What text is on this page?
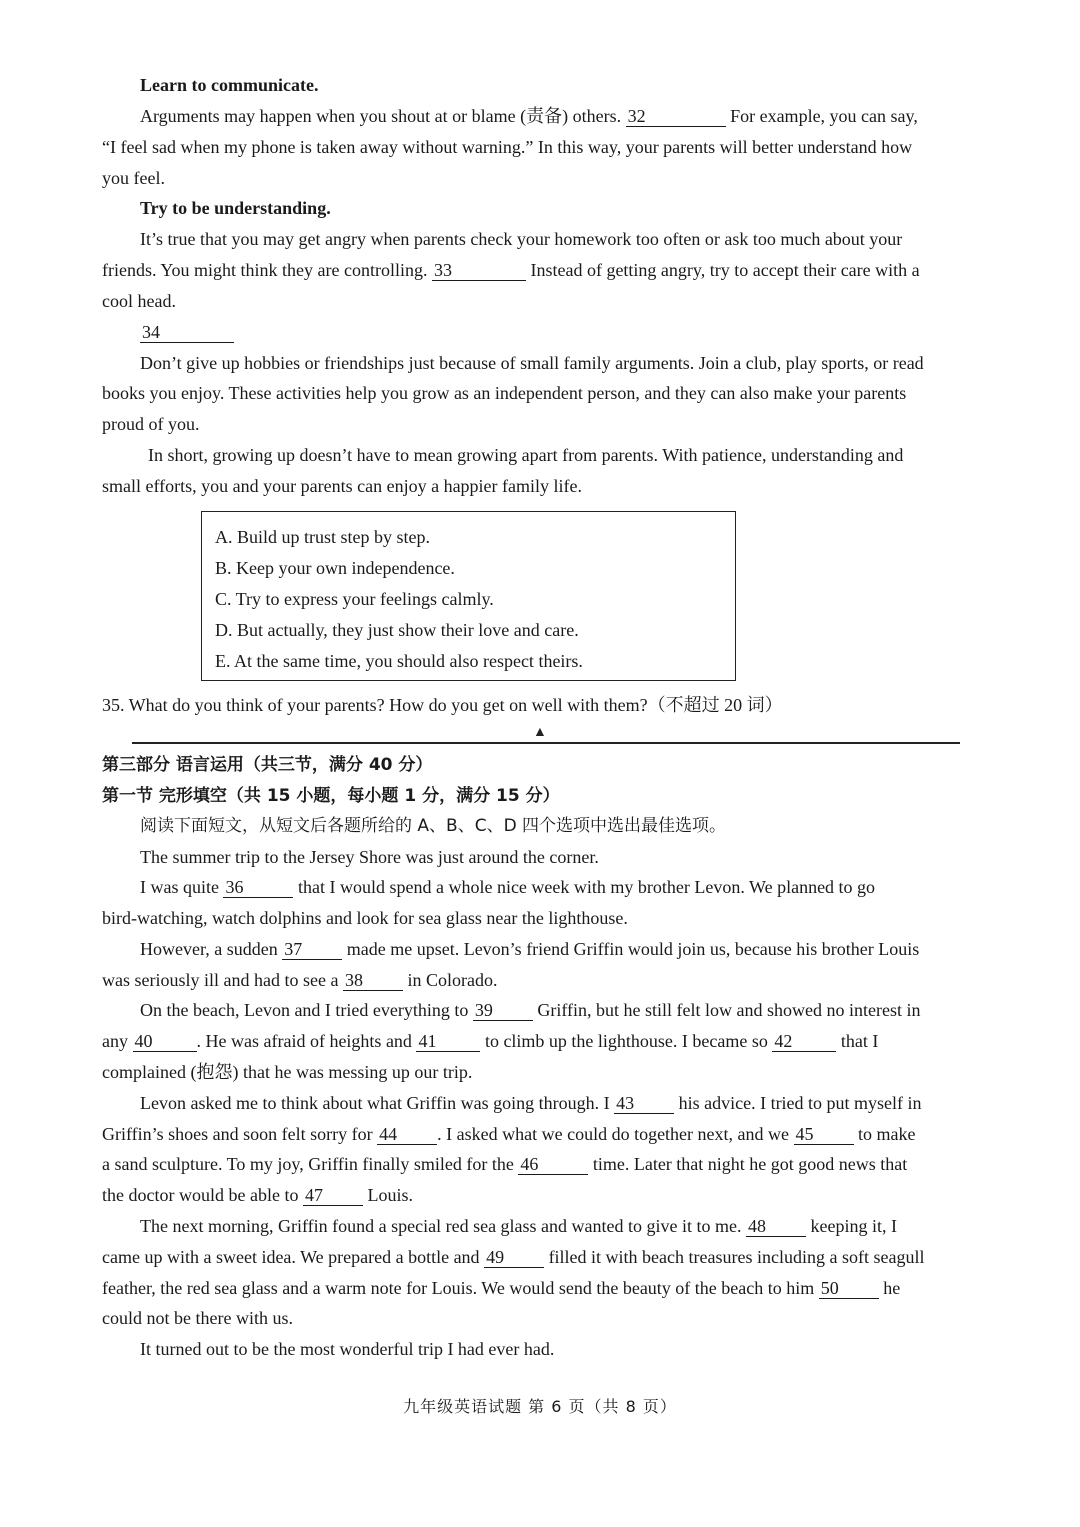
Learn to communicate.

Arguments may happen when you shout at or blame (责备) others. 32	For example, you can say,

“I feel sad when my phone is taken away without warning.” In this way, your parents will better understand how

you feel.

Try to be understanding.

It’s true that you may get angry when parents check your homework too often or ask too much about your

friends. You might think they are controlling. 33	Instead of getting angry, try to accept their care with a

cool head.

34

Don’t give up hobbies or friendships just because of small family arguments. Join a club, play sports, or read

books you enjoy. These activities help you grow as an independent person, and they can also make your parents

proud of you.

In short, growing up doesn’t have to mean growing apart from parents. With patience, understanding and

small efforts, you and your parents can enjoy a happier family life.

A. Build up trust step by step.
B. Keep your own independence.
C. Try to express your feelings calmly.
D. But actually, they just show their love and care.
E. At the same time, you should also respect theirs.
35. What do you think of your parents? How do you get on well with them?（不超过 20 词）
▲

第三部分 语言运用（共三节，满分 40 分）

第一节 完形填空（共 15 小题，每小题 1 分，满分 15 分）

阅读下面短文，从短文后各题所给的 A、B、C、D 四个选项中选出最佳选项。

The summer trip to the Jersey Shore was just around the corner.

I was quite 36	that I would spend a whole nice week with my brother Levon. We planned to go

bird-watching, watch dolphins and look for sea glass near the lighthouse.

However, a sudden 37 made me upset. Levon’s friend Griffin would join us, because his brother Louis

was seriously ill and had to see a 38 in Colorado.

On the beach, Levon and I tried everything to 39 Griffin, but he still felt low and showed no interest in

any 40 . He was afraid of heights and 41 to climb up the lighthouse. I became so 42 that I

complained (抱怨) that he was messing up our trip.

Levon asked me to think about what Griffin was going through. I 43 his advice. I tried to put myself in

Griffin’s shoes and soon felt sorry for 44 . I asked what we could do together next, and we 45 to make

a sand sculpture. To my joy, Griffin finally smiled for the 46	time. Later that night he got good news that

the doctor would be able to 47 Louis.

The next morning, Griffin found a special red sea glass and wanted to give it to me. 48 keeping it, I

came up with a sweet idea. We prepared a bottle and 49 filled it with beach treasures including a soft seagull

feather, the red sea glass and a warm note for Louis. We would send the beauty of the beach to him 50 he

could not be there with us.

It turned out to be the most wonderful trip I had ever had.

九年级英语试题 第 6 页（共 8 页）
